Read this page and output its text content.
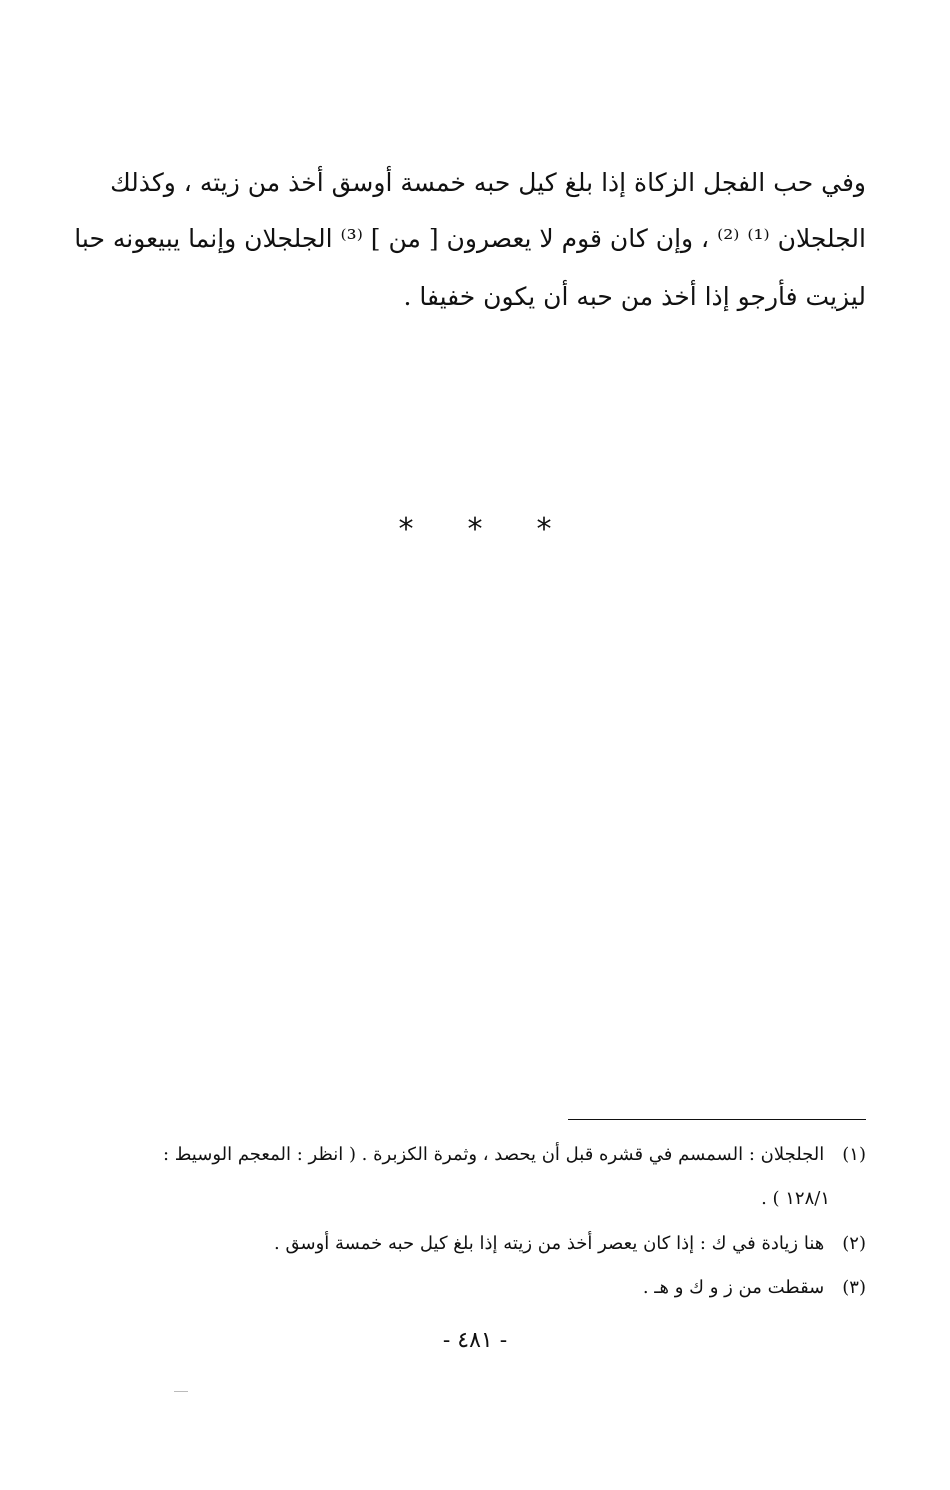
وفي حب الفجل الزكاة إذا بلغ كيل حبه خمسة أوسق أخذ من زيته ، وكذلك
الجلجلان ⁽¹⁾ ⁽²⁾ ، وإن كان قوم لا يعصرون [ من ] ⁽³⁾ الجلجلان وإنما يبيعونه حبا
ليزيت فأرجو إذا أخذ من حبه أن يكون خفيفا .
* * *
(١) الجلجلان : السمسم في قشره قبل أن يحصد ، وثمرة الكزبرة . ( انظر : المعجم الوسيط :
١٢٨/١ ) .
(٢) هنا زيادة في ك : إذا كان يعصر أخذ من زيته إذا بلغ كيل حبه خمسة أوسق .
(٣) سقطت من ز و ك و هـ .
- ٤٨١ -
